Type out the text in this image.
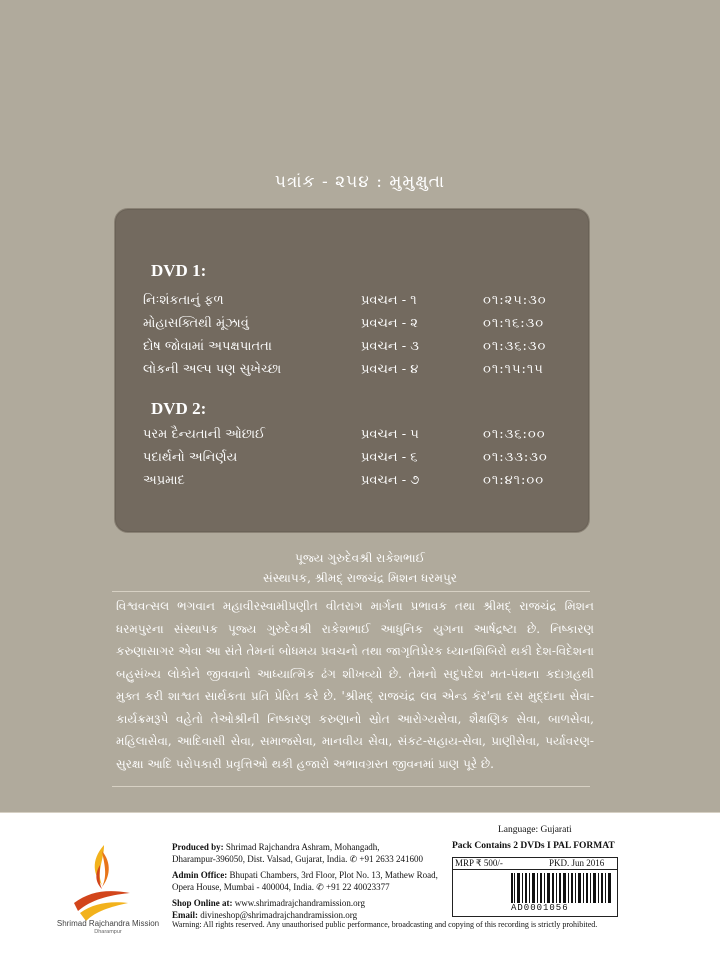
પત્રાંક - ૨૫૪ : મુમુક્ષુતા
DVD 1:
નિઃશંકતાનું ફળ	પ્રવચન - ૧	૦૧:૨૫:૩૦
મોહાસક્તિથી મૂંઝાવું	પ્રવચન - ૨	૦૧:૧૬:૩૦
દોષ જોવામાં અપક્ષપાતતા	પ્રવચન - ૩	૦૧:૩૬:૩૦
લોકની અલ્પ પણ સુખેચ્છા	પ્રવચન - ૪	૦૧:૧૫:૧૫
DVD 2:
પરમ દૈન્યતાની ઓછાઈ	પ્રવચન - ૫	૦૧:૩૬:૦૦
પદાર્થનો અનિર્ણય	પ્રવચન - ૬	૦૧:૩૩:૩૦
અપ્રમાદ	પ્રવચન - ૭	૦૧:૪૧:૦૦
પૂજ્ય ગુરુદેવશ્રી રાકેશભાઈ
સંસ્થાપક, શ્રીમદ્ રાજચંદ્ર મિશન ધરમપુર
વિશ્વવત્સલ ભગવાન મહાવીરસ્વામીપ્રણીત વીતરાગ માર્ગના પ્રભાવક તથા શ્રીમદ્ રાજચંદ્ર મિશન ધરમપુરના સંસ્થાપક પૂજ્ય ગુરુદેવશ્રી રાકેશભાઈ આધુનિક યુગના આર્ષદ્રષ્ટા છે. નિષ્કારણ કરુણાસાગર એવા આ સંતે તેમનાં બોધમય પ્રવચનો તથા જાગૃતિપ્રેરક ધ્યાનશિબિરો થકી દેશ-વિદેશના બહુસંખ્ય લોકોને જીવવાનો આધ્યાત્મિક ઢંગ શીખવ્યો છે. તેમનો સદુપદેશ મત-પંથના કદાગ્રહથી મુક્ત કરી શાશ્વત સાર્થકતા પ્રતિ પ્રેરિત કરે છે. 'શ્રીમદ્ રાજચંદ્ર લવ એન્ડ કૅર'ના દસ મુદ્દાના સેવા-કાર્યક્રમરૂપે વહેતો તેઓશ્રીની નિષ્કારણ કરુણાનો સ્રોત આરોગ્યસેવા, શૈક્ષણિક સેવા, બાળસેવા, મહિલાસેવા, આદિવાસી સેવા, સમાજસેવા, માનવીય સેવા, સંકટ-સહાય-સેવા, પ્રાણીસેવા, પર્યાવરણ-સુરક્ષા આદિ પરોપકારી પ્રવૃત્તિઓ થકી હજારો અભાવગ્રસ્ત જીવનમાં પ્રાણ પૂરે છે.
Shrimad Rajchandra Mission
Dharampur
Produced by: Shrimad Rajchandra Ashram, Mohangadh,
Dharampur-396050, Dist. Valsad, Gujarat, India. ✆ +91 2633 241600
Admin Office: Bhupati Chambers, 3rd Floor, Plot No. 13, Mathew Road,
Opera House, Mumbai - 400004, India. ✆ +91 22 40023377
Shop Online at: www.shrimadrajchandramission.org
Email: divineshop@shrimadrajchandramission.org
Language: Gujarati
Pack Contains 2 DVDs I PAL FORMAT
MRP ₹ 500/-	PKD. Jun 2016
AD0001056
Warning: All rights reserved. Any unauthorised public performance, broadcasting and copying of this recording is strictly prohibited.
